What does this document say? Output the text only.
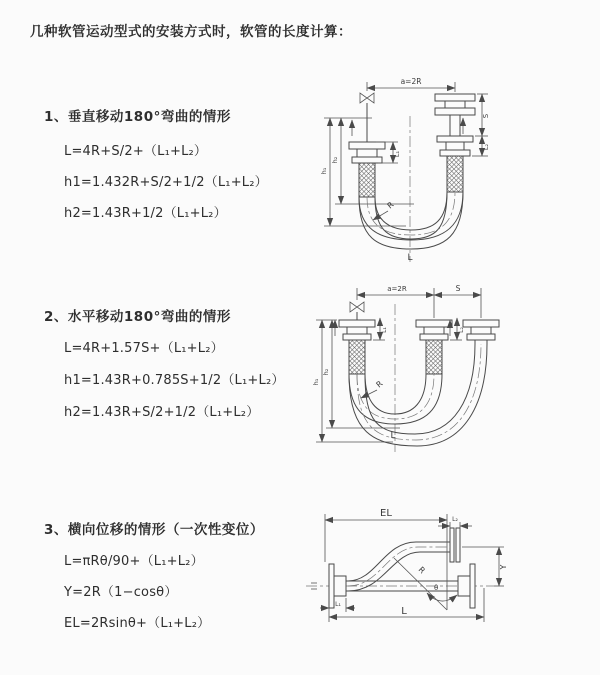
几种软管运动型式的安装方式时，软管的长度计算：
1、垂直移动180°弯曲的情形
L=4R+S/2+（L₁+L₂）
h1=1.432R+S/2+1/2（L₁+L₂）
h2=1.43R+1/2（L₁+L₂）
a=2R
L₁
S
L₂
h₁
h₂
R
L
2、水平移动180°弯曲的情形
L=4R+1.57S+（L₁+L₂）
h1=1.43R+0.785S+1/2（L₁+L₂）
h2=1.43R+S/2+1/2（L₁+L₂）
a=2R	S
L₁	L₂
h₁
h₂
R
L
3、横向位移的情形（一次性变位）
L=πRθ/90+（L₁+L₂）
Y=2R（1−cosθ）
EL=2Rsinθ+（L₁+L₂）
θ
R
EL
L₂
Y
L₁
L
